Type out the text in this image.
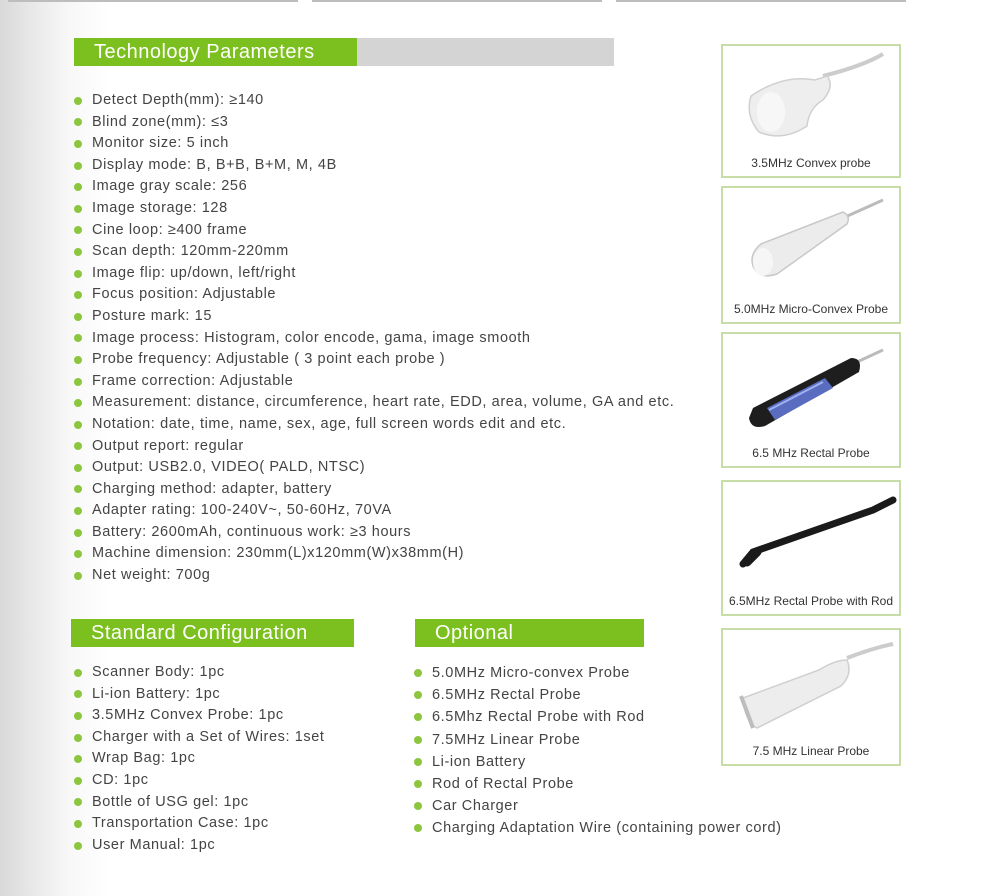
Technology Parameters
Detect Depth(mm): ≥140
Blind zone(mm): ≤3
Monitor size: 5 inch
Display mode: B, B+B, B+M, M, 4B
Image gray scale: 256
Image storage: 128
Cine loop: ≥400 frame
Scan depth: 120mm-220mm
Image flip: up/down, left/right
Focus position: Adjustable
Posture mark: 15
Image process: Histogram, color encode, gama, image smooth
Probe frequency: Adjustable ( 3 point each probe )
Frame correction: Adjustable
Measurement: distance, circumference, heart rate, EDD, area, volume, GA and etc.
Notation: date, time, name, sex, age, full screen words edit and etc.
Output report: regular
Output: USB2.0, VIDEO( PALD, NTSC)
Charging method: adapter, battery
Adapter rating: 100-240V~, 50-60Hz, 70VA
Battery: 2600mAh, continuous work: ≥3 hours
Machine dimension: 230mm(L)x120mm(W)x38mm(H)
Net weight: 700g
Standard Configuration
Scanner Body: 1pc
Li-ion Battery: 1pc
3.5MHz Convex Probe: 1pc
Charger with a Set of Wires: 1set
Wrap Bag: 1pc
CD: 1pc
Bottle of USG gel: 1pc
Transportation Case: 1pc
User Manual: 1pc
Optional
5.0MHz Micro-convex Probe
6.5MHz Rectal Probe
6.5Mhz Rectal Probe with Rod
7.5MHz Linear Probe
Li-ion Battery
Rod of Rectal Probe
Car Charger
Charging Adaptation Wire (containing power cord)
3.5MHz Convex probe
5.0MHz Micro-Convex Probe
6.5 MHz Rectal Probe
6.5MHz Rectal Probe with Rod
7.5 MHz Linear Probe
